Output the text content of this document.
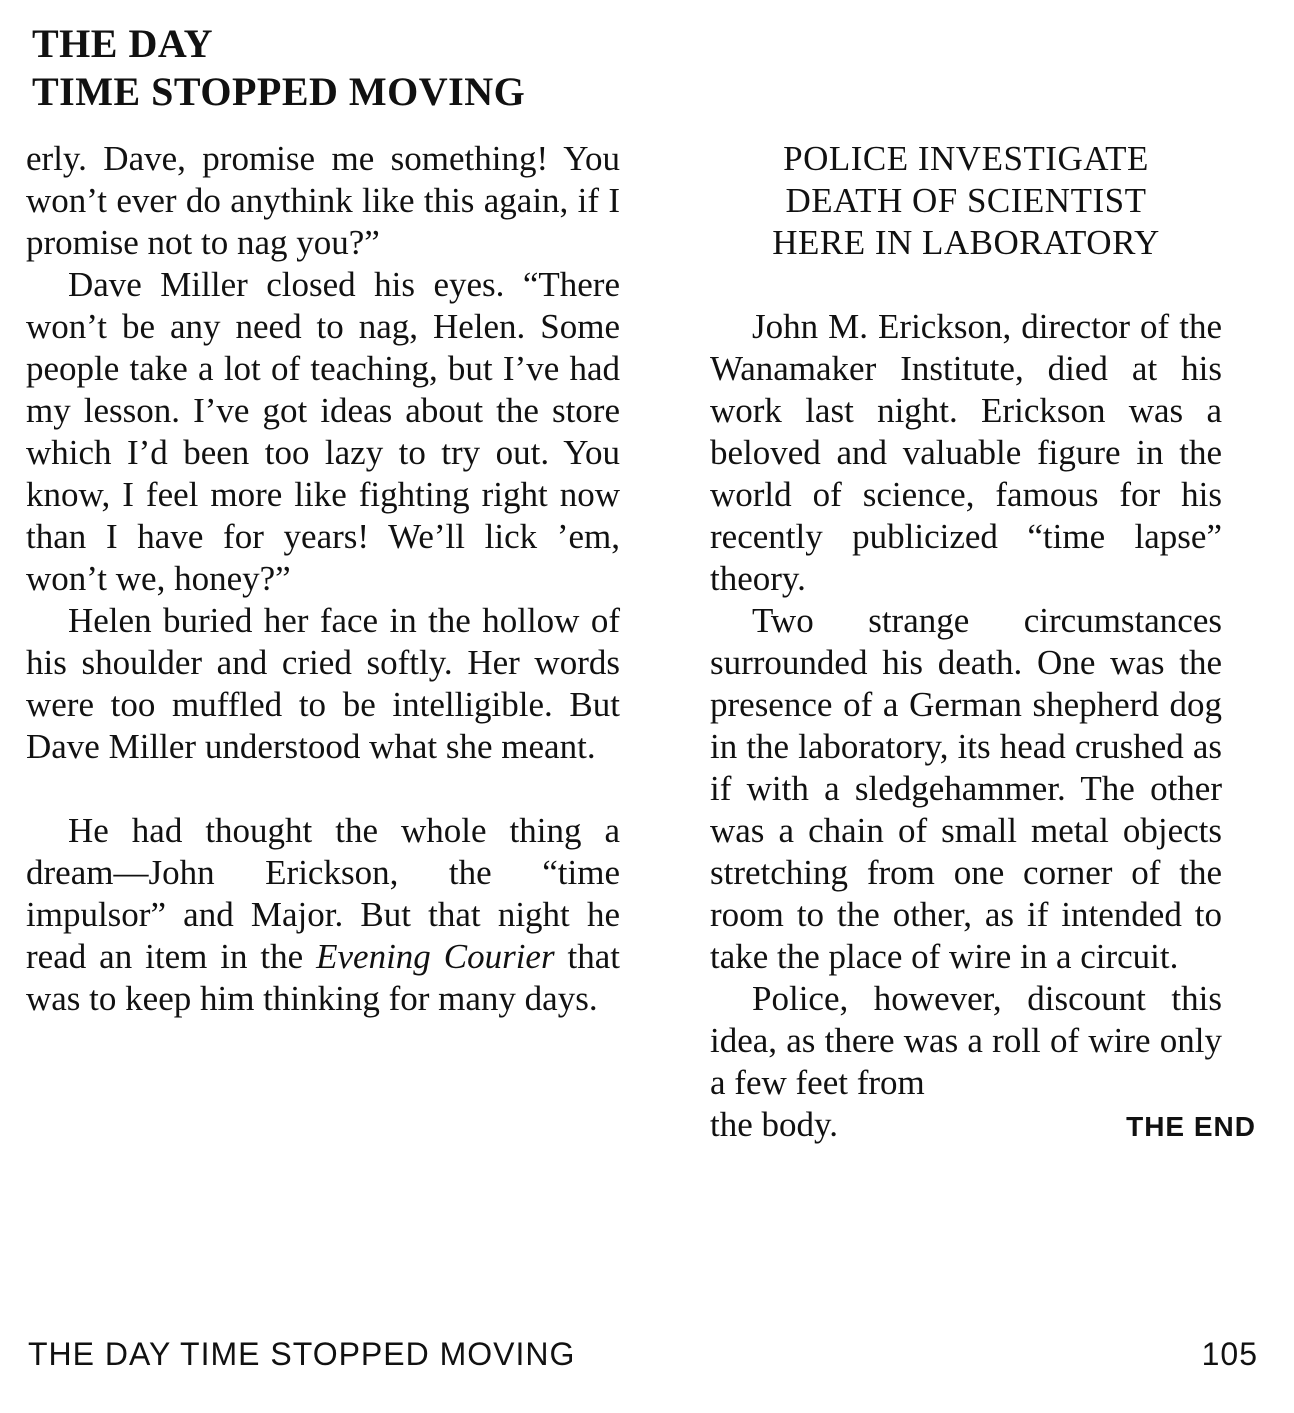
THE DAY
TIME STOPPED MOVING

erly. Dave, promise me something! You won’t ever do anythink like this again, if I promise not to nag you?”

Dave Miller closed his eyes. “There won’t be any need to nag, Helen. Some people take a lot of teaching, but I’ve had my lesson. I’ve got ideas about the store which I’d been too lazy to try out. You know, I feel more like fighting right now than I have for years! We’ll lick ’em, won’t we, honey?”

Helen buried her face in the hollow of his shoulder and cried softly. Her words were too muffled to be intelligible. But Dave Miller understood what she meant.

He had thought the whole thing a dream—John Erickson, the “time impulsor” and Major. But that night he read an item in the Evening Courier that was to keep him thinking for many days.

POLICE INVESTIGATE
DEATH OF SCIENTIST
HERE IN LABORATORY

John M. Erickson, director of the Wanamaker Institute, died at his work last night. Erickson was a beloved and valuable figure in the world of science, famous for his recently publicized “time lapse” theory.

Two strange circumstances surrounded his death. One was the presence of a German shepherd dog in the laboratory, its head crushed as if with a sledgehammer. The other was a chain of small metal objects stretching from one corner of the room to the other, as if intended to take the place of wire in a circuit.

Police, however, discount this idea, as there was a roll of wire only a few feet from

the body.	THE END
THE DAY TIME STOPPED MOVING	105
